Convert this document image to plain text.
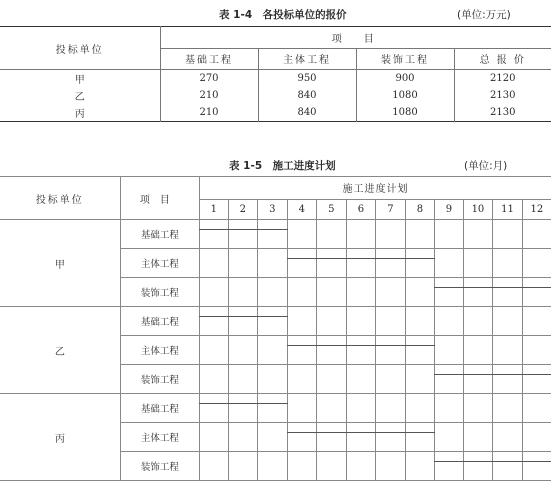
表 1-4　各投标单位的报价	(单位:万元)
投标单位	项　目			
	基础工程	主体工程	装饰工程	总 报 价
甲	270	950	900	2120
乙	210	840	1080	2130
丙	210	840	1080	2130
表 1-5　施工进度计划	(单位:月)
投标单位	项目	施工进度计划											
		1	2	3	4	5	6	7	8	9	10	11	12
甲	基础工程	

	主体工程				

	装饰工程									

乙	基础工程	

	主体工程				

	装饰工程									

丙	基础工程	

	主体工程				

	装饰工程									
